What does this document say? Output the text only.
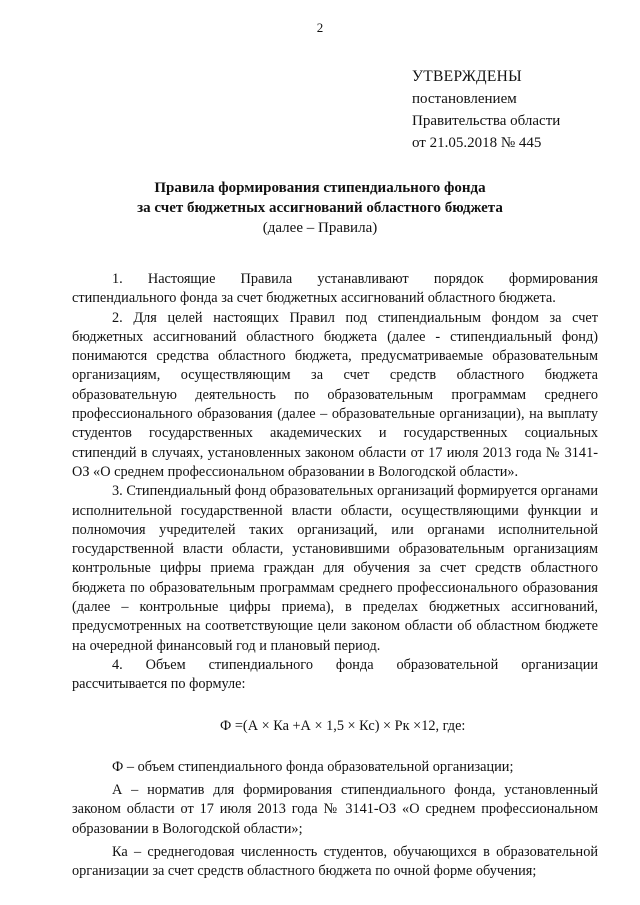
2
УТВЕРЖДЕНЫ
постановлением
Правительства области
от 21.05.2018 № 445
Правила формирования стипендиального фонда
за счет бюджетных ассигнований областного бюджета
(далее – Правила)

1. Настоящие Правила устанавливают порядок формирования стипендиального фонда за счет бюджетных ассигнований областного бюджета.

2. Для целей настоящих Правил под стипендиальным фондом за счет бюджетных ассигнований областного бюджета (далее - стипендиальный фонд) понимаются средства областного бюджета, предусматриваемые образовательным организациям, осуществляющим за счет средств областного бюджета образовательную деятельность по образовательным программам среднего профессионального образования (далее – образовательные организации), на выплату студентов государственных академических и государственных социальных стипендий в случаях, установленных законом области от 17 июля 2013 года № 3141-ОЗ «О среднем профессиональном образовании в Вологодской области».

3. Стипендиальный фонд образовательных организаций формируется органами исполнительной государственной власти области, осуществляющими функции и полномочия учредителей таких организаций, или органами исполнительной государственной власти области, установившими образовательным организациям контрольные цифры приема граждан для обучения за счет средств областного бюджета по образовательным программам среднего профессионального образования (далее – контрольные цифры приема), в пределах бюджетных ассигнований, предусмотренных на соответствующие цели законом области об областном бюджете на очередной финансовый год и плановый период.

4. Объем стипендиального фонда образовательной организации рассчитывается по формуле:

Ф =(А × Ка +А × 1,5 × Кс) × Рк ×12, где:

Ф – объем стипендиального фонда образовательной организации;

А – норматив для формирования стипендиального фонда, установленный законом области от 17 июля 2013 года № 3141-ОЗ «О среднем профессиональном образовании в Вологодской области»;

Ка – среднегодовая численность студентов, обучающихся в образовательной организации за счет средств областного бюджета по очной форме обучения;
